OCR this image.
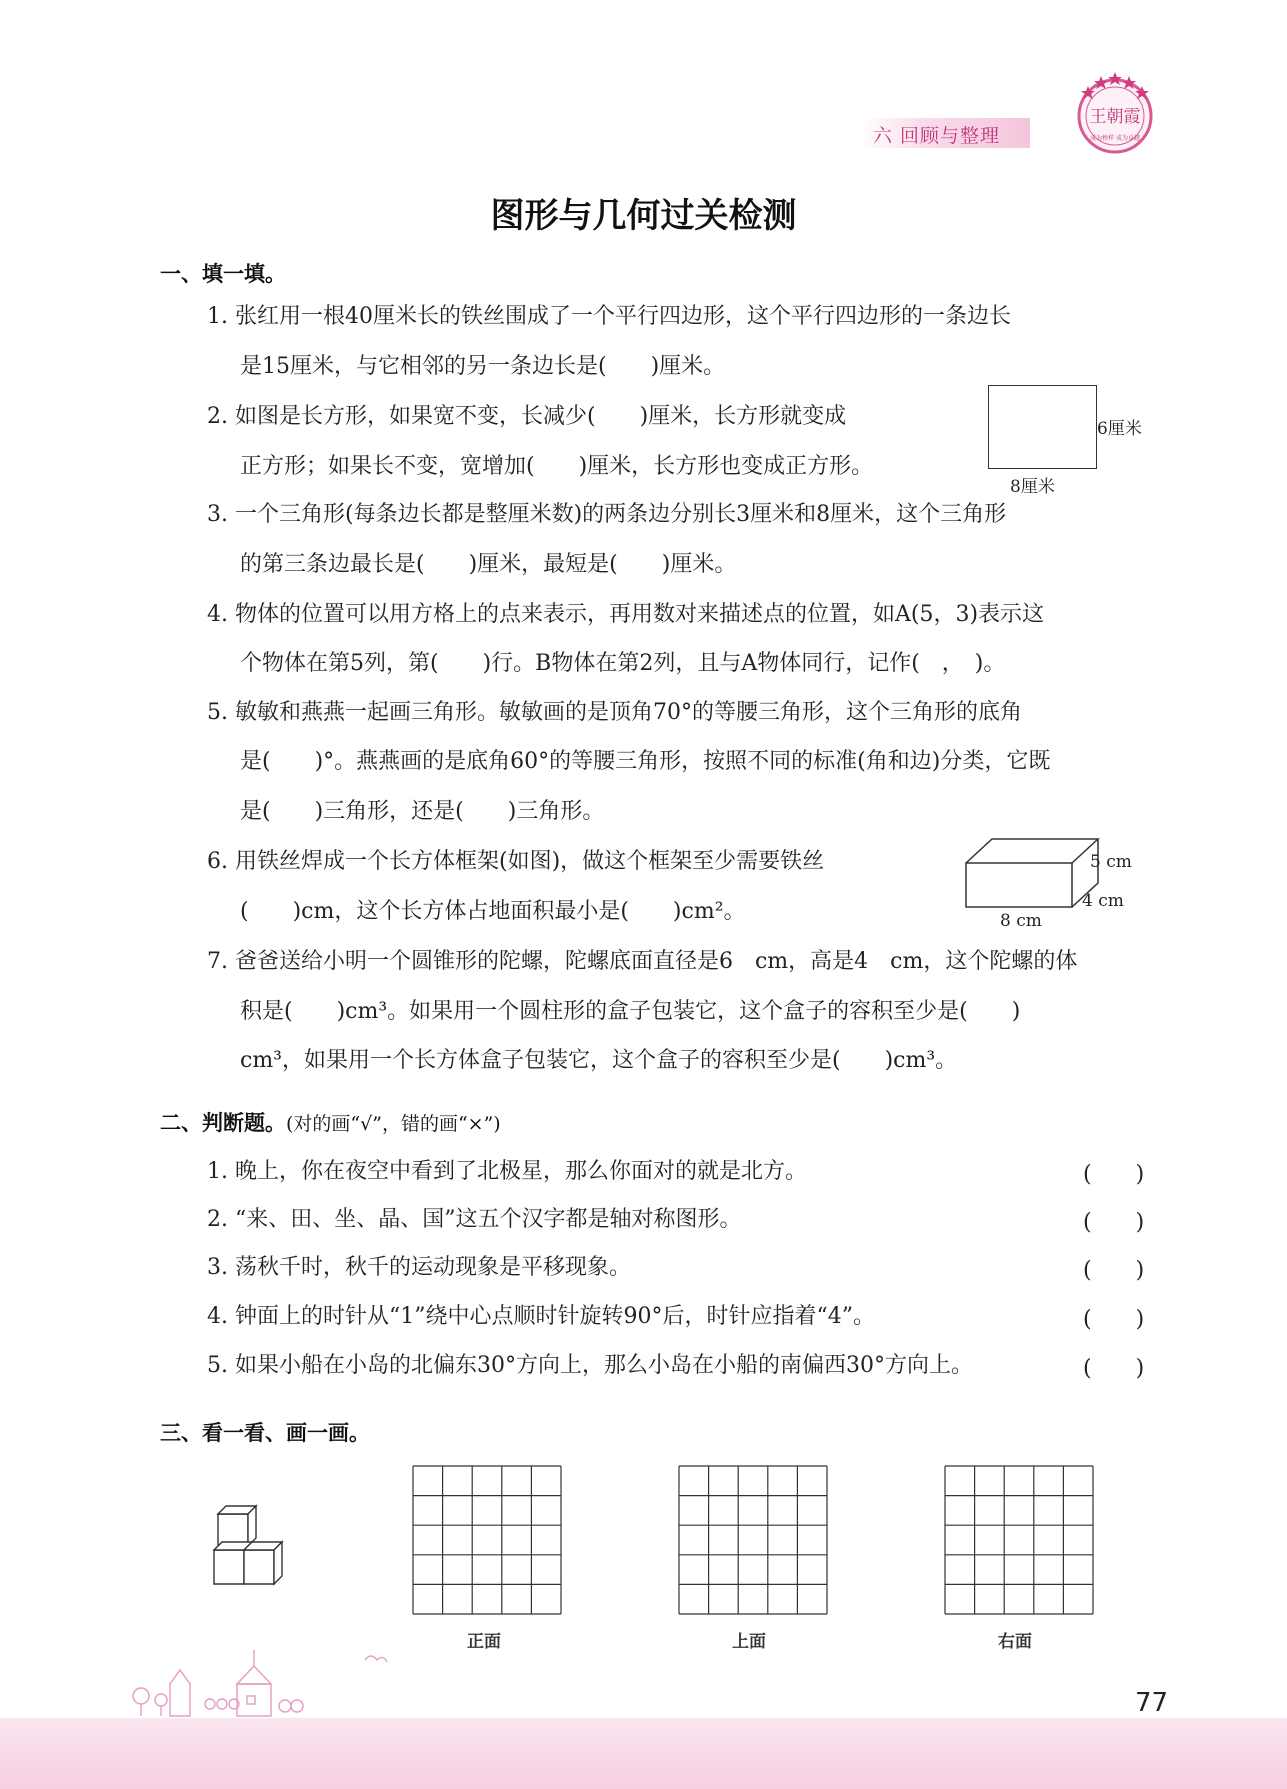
六 回顾与整理
王朝霞
成为榜样 成为卓越
图形与几何过关检测
一、填一填。
1. 张红用一根40厘米长的铁丝围成了一个平行四边形，这个平行四边形的一条边长
是15厘米，与它相邻的另一条边长是(　　)厘米。
2. 如图是长方形，如果宽不变，长减少(　　)厘米，长方形就变成
正方形；如果长不变，宽增加(　　)厘米，长方形也变成正方形。
3. 一个三角形(每条边长都是整厘米数)的两条边分别长3厘米和8厘米，这个三角形
的第三条边最长是(　　)厘米，最短是(　　)厘米。
4. 物体的位置可以用方格上的点来表示，再用数对来描述点的位置，如A(5，3)表示这
个物体在第5列，第(　　)行。B物体在第2列，且与A物体同行，记作(　，　)。
5. 敏敏和燕燕一起画三角形。敏敏画的是顶角70°的等腰三角形，这个三角形的底角
是(　　)°。燕燕画的是底角60°的等腰三角形，按照不同的标准(角和边)分类，它既
是(　　)三角形，还是(　　)三角形。
6. 用铁丝焊成一个长方体框架(如图)，做这个框架至少需要铁丝
(　　)cm，这个长方体占地面积最小是(　　)cm²。
7. 爸爸送给小明一个圆锥形的陀螺，陀螺底面直径是6　cm，高是4　cm，这个陀螺的体
积是(　　)cm³。如果用一个圆柱形的盒子包装它，这个盒子的容积至少是(　　)
cm³，如果用一个长方体盒子包装它，这个盒子的容积至少是(　　)cm³。
6厘米
8厘米
5 cm
4 cm
8 cm
二、判断题。(对的画“√”，错的画“×”)
1. 晚上，你在夜空中看到了北极星，那么你面对的就是北方。
2. “来、田、坐、晶、国”这五个汉字都是轴对称图形。
3. 荡秋千时，秋千的运动现象是平移现象。
4. 钟面上的时针从“1”绕中心点顺时针旋转90°后，时针应指着“4”。
5. 如果小船在小岛的北偏东30°方向上，那么小岛在小船的南偏西30°方向上。
(　　)
(　　)
(　　)
(　　)
(　　)
三、看一看、画一画。
正面	上面	右面
77
